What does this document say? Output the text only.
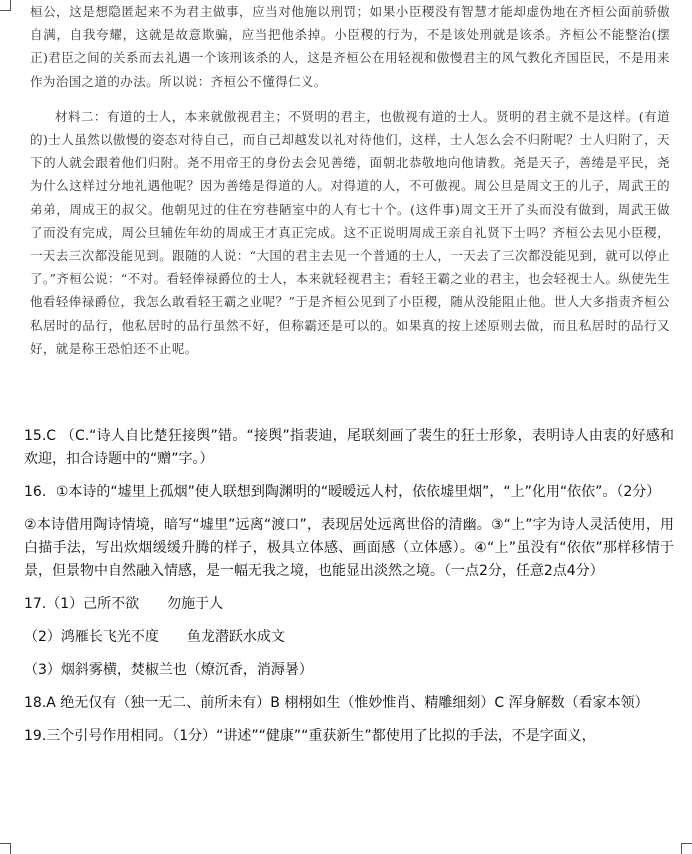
桓公，这是想隐匿起来不为君主做事，应当对他施以刑罚；如果小臣稷没有智慧才能却虚伪地在齐桓公面前骄傲自满，自我夸耀，这就是故意欺骗，应当把他杀掉。小臣稷的行为，不是该处刑就是该杀。齐桓公不能整治(摆正)君臣之间的关系而去礼遇一个该刑该杀的人，这是齐桓公在用轻视和傲慢君主的风气教化齐国臣民，不是用来作为治国之道的办法。所以说：齐桓公不懂得仁义。

材料二：有道的士人，本来就傲视君主；不贤明的君主，也傲视有道的士人。贤明的君主就不是这样。(有道的)士人虽然以傲慢的姿态对待自己，而自己却越发以礼对待他们，这样，士人怎么会不归附呢？士人归附了，天下的人就会跟着他们归附。尧不用帝王的身份去会见善绻，面朝北恭敬地向他请教。尧是天子，善绻是平民，尧为什么这样过分地礼遇他呢？因为善绻是得道的人。对得道的人，不可傲视。周公旦是周文王的儿子，周武王的弟弟，周成王的叔父。他朝见过的住在穷巷陋室中的人有七十个。(这件事)周文王开了头而没有做到，周武王做了而没有完成，周公旦辅佐年幼的周成王才真正完成。这不正说明周成王亲自礼贤下士吗？齐桓公去见小臣稷，一天去三次都没能见到。跟随的人说：“大国的君主去见一个普通的士人，一天去了三次都没能见到，就可以停止了。”齐桓公说：“不对。看轻俸禄爵位的士人，本来就轻视君主；看轻王霸之业的君主，也会轻视士人。纵使先生他看轻俸禄爵位，我怎么敢看轻王霸之业呢？”于是齐桓公见到了小臣稷，随从没能阻止他。世人大多指责齐桓公私居时的品行，他私居时的品行虽然不好，但称霸还是可以的。如果真的按上述原则去做，而且私居时的品行又好，就是称王恐怕还不止呢。

15.C （C.“诗人自比楚狂接舆”错。“接舆”指裴迪，尾联刻画了裴生的狂士形象，表明诗人由衷的好感和欢迎，扣合诗题中的“赠”字。）

16．①本诗的“墟里上孤烟”使人联想到陶渊明的“暧暧远人村，依依墟里烟”，“上”化用“依依”。（2分）

②本诗借用陶诗情境，暗写“墟里”远离“渡口”，表现居处远离世俗的清幽。③“上”字为诗人灵活使用，用白描手法，写出炊烟缓缓升腾的样子，极具立体感、画面感（立体感）。④“上”虽没有“依依”那样移情于景，但景物中自然融入情感，是一幅无我之境，也能显出淡然之境。（一点2分，任意2点4分）

17.（1）己所不欲 勿施于人

（2）鸿雁长飞光不度 鱼龙潜跃水成文

（3）烟斜雾横，焚椒兰也（燎沉香，消溽暑）

18.A 绝无仅有（独一无二、前所未有）B 栩栩如生（惟妙惟肖、精雕细刻）C 浑身解数（看家本领）

19.三个引号作用相同。（1分）“讲述”“健康”“重获新生”都使用了比拟的手法，不是字面义，
